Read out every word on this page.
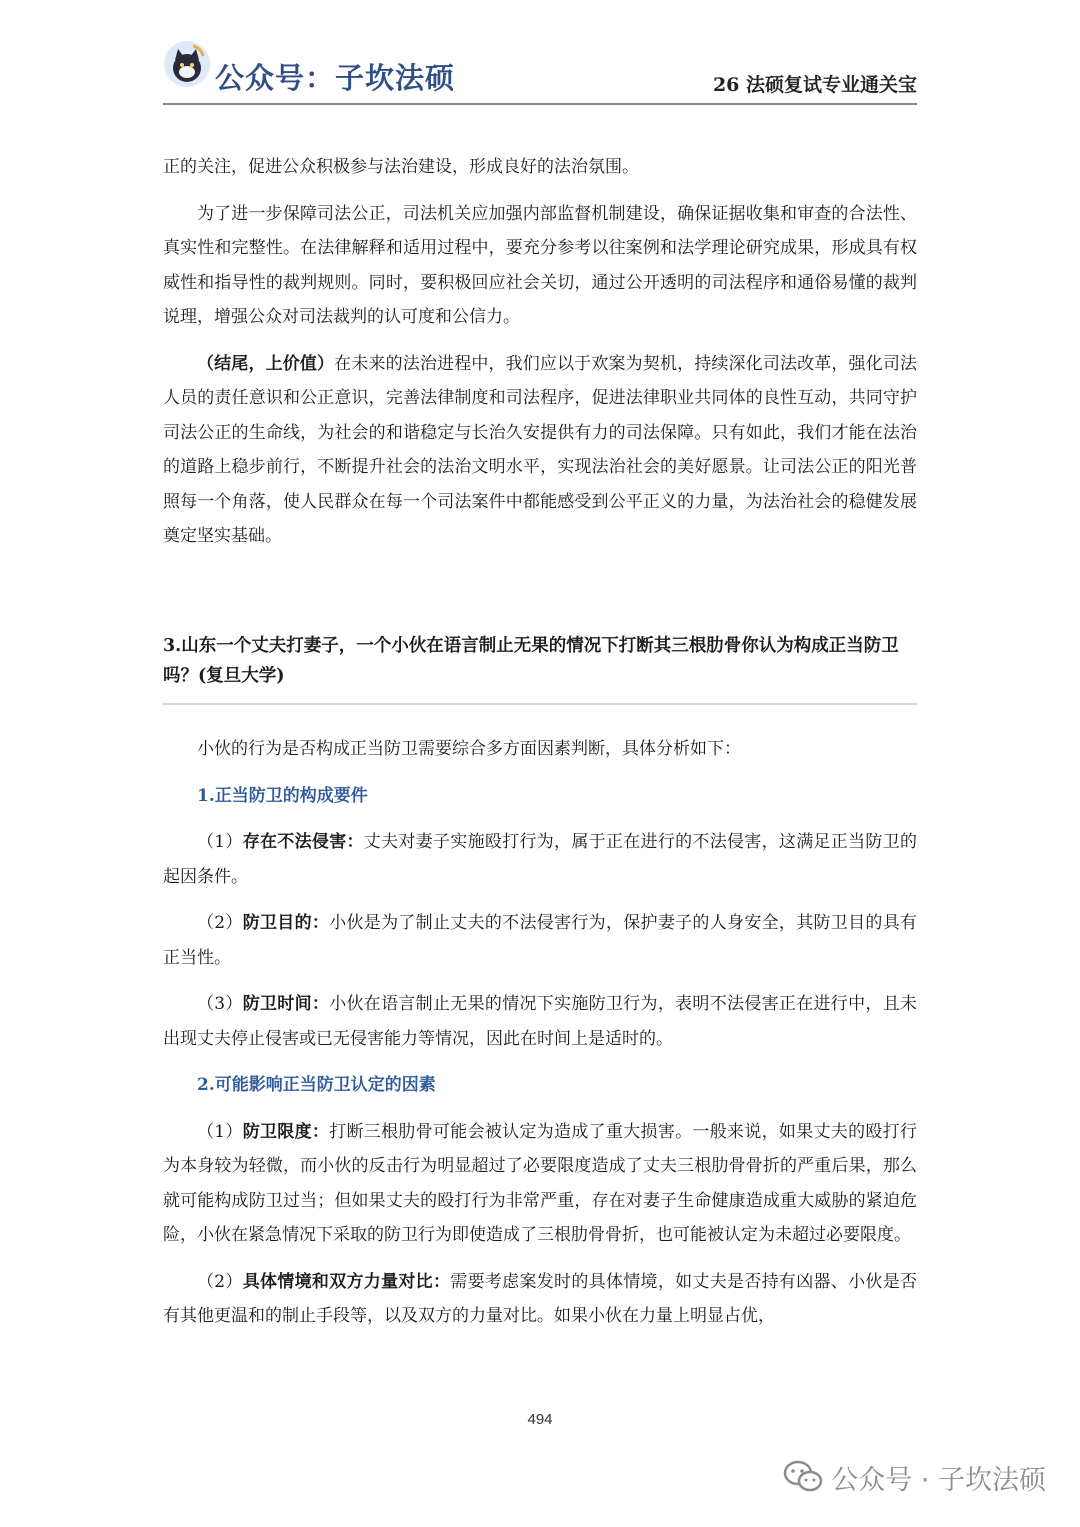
公众号：子坎法硕	26 法硕复试专业通关宝

正的关注，促进公众积极参与法治建设，形成良好的法治氛围。

为了进一步保障司法公正，司法机关应加强内部监督机制建设，确保证据收集和审查的合法性、真实性和完整性。在法律解释和适用过程中，要充分参考以往案例和法学理论研究成果，形成具有权威性和指导性的裁判规则。同时，要积极回应社会关切，通过公开透明的司法程序和通俗易懂的裁判说理，增强公众对司法裁判的认可度和公信力。

（结尾，上价值）在未来的法治进程中，我们应以于欢案为契机，持续深化司法改革，强化司法人员的责任意识和公正意识，完善法律制度和司法程序，促进法律职业共同体的良性互动，共同守护司法公正的生命线，为社会的和谐稳定与长治久安提供有力的司法保障。只有如此，我们才能在法治的道路上稳步前行，不断提升社会的法治文明水平，实现法治社会的美好愿景。让司法公正的阳光普照每一个角落，使人民群众在每一个司法案件中都能感受到公平正义的力量，为法治社会的稳健发展奠定坚实基础。

3.山东一个丈夫打妻子，一个小伙在语言制止无果的情况下打断其三根肋骨你认为构成正当防卫吗？(复旦大学)

小伙的行为是否构成正当防卫需要综合多方面因素判断，具体分析如下：

1.正当防卫的构成要件

（1）存在不法侵害：丈夫对妻子实施殴打行为，属于正在进行的不法侵害，这满足正当防卫的起因条件。

（2）防卫目的：小伙是为了制止丈夫的不法侵害行为，保护妻子的人身安全，其防卫目的具有正当性。

（3）防卫时间：小伙在语言制止无果的情况下实施防卫行为，表明不法侵害正在进行中，且未出现丈夫停止侵害或已无侵害能力等情况，因此在时间上是适时的。

2.可能影响正当防卫认定的因素

（1）防卫限度：打断三根肋骨可能会被认定为造成了重大损害。一般来说，如果丈夫的殴打行为本身较为轻微，而小伙的反击行为明显超过了必要限度造成了丈夫三根肋骨骨折的严重后果，那么就可能构成防卫过当；但如果丈夫的殴打行为非常严重，存在对妻子生命健康造成重大威胁的紧迫危险，小伙在紧急情况下采取的防卫行为即使造成了三根肋骨骨折，也可能被认定为未超过必要限度。

（2）具体情境和双方力量对比：需要考虑案发时的具体情境，如丈夫是否持有凶器、小伙是否有其他更温和的制止手段等，以及双方的力量对比。如果小伙在力量上明显占优，

494
公众号 · 子坎法硕
